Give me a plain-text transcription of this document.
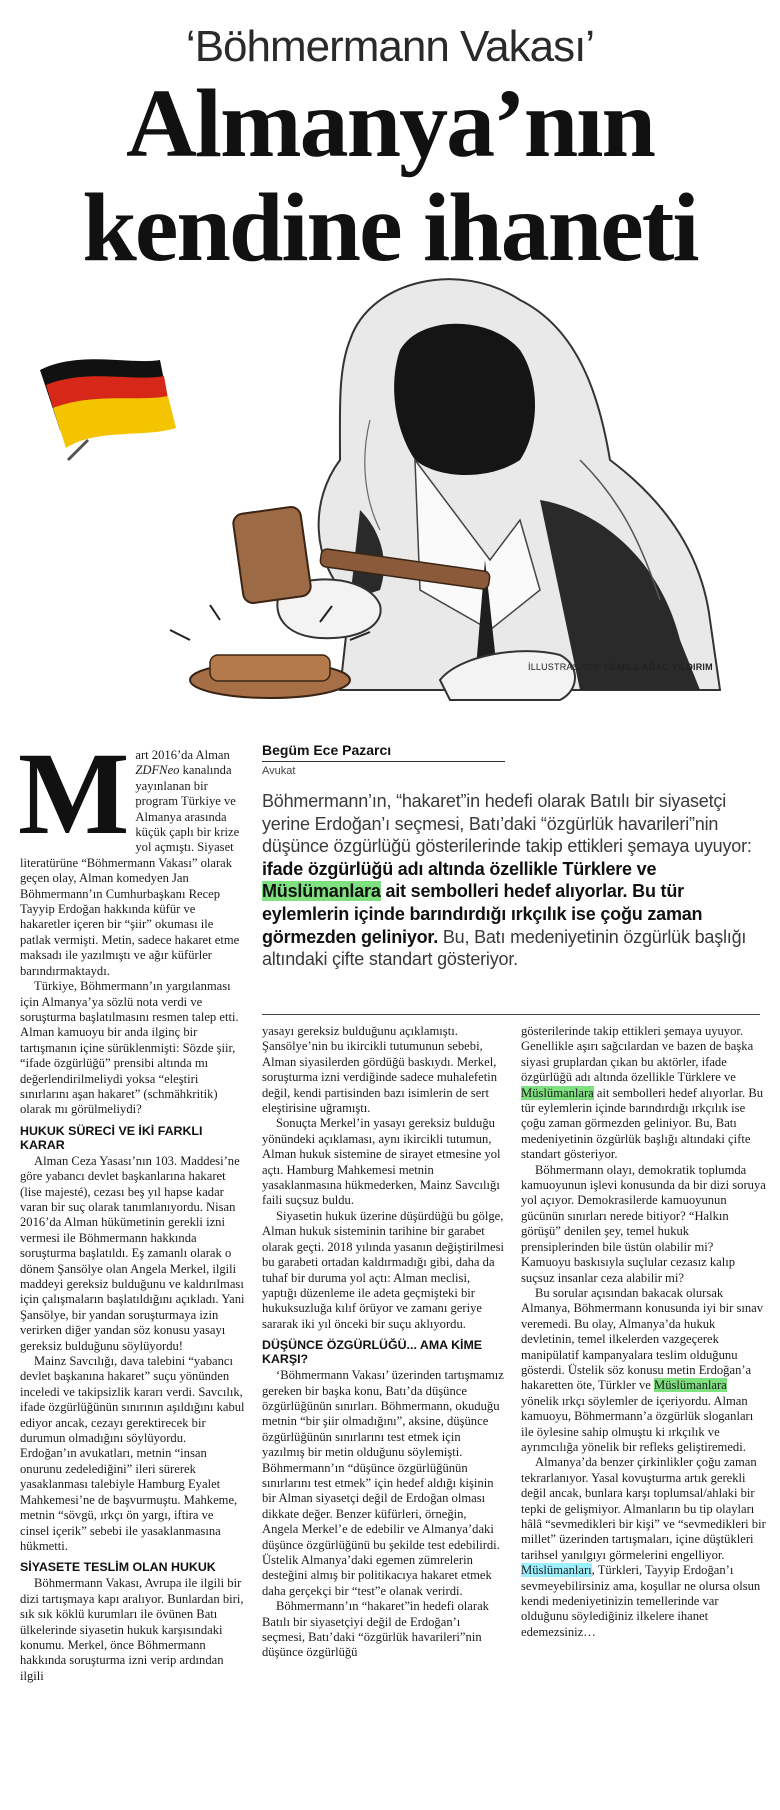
‘Böhmermann Vakası’
Almanya’nın
kendine ihaneti
İLLUSTRASYON: CEMILE AĞAÇ YILDIRIM
Begüm Ece Pazarcı
Avukat
Böhmermann’ın, “hakaret”in hedefi olarak Batılı bir siyasetçi yerine Erdoğan’ı seçmesi, Batı’daki “özgürlük havarileri”nin düşünce özgürlüğü gösterilerinde takip ettikleri şemaya uyuyor: ifade özgürlüğü adı altında özellikle Türklere ve Müslümanlara ait sembolleri hedef alıyorlar. Bu tür eylemlerin içinde barındırdığı ırkçılık ise çoğu zaman görmezden geliniyor. Bu, Batı medeniyetinin özgürlük başlığı altındaki çifte standart gösteriyor.

Mart 2016’da Alman ZDFNeo kanalında yayınlanan bir program Türkiye ve Almanya arasında küçük çaplı bir krize yol açmıştı. Siyaset literatürüne “Böhmermann Vakası” olarak geçen olay, Alman komedyen Jan Böhmermann’ın Cumhurbaşkanı Recep Tayyip Erdoğan hakkında küfür ve hakaretler içeren bir “şiir” okuması ile patlak vermişti. Metin, sadece hakaret etme maksadı ile yazılmıştı ve ağır küfürler barındırmaktaydı.

Türkiye, Böhmermann’ın yargılanması için Almanya’ya sözlü nota verdi ve soruşturma başlatılmasını resmen talep etti. Alman kamuoyu bir anda ilginç bir tartışmanın içine sürüklenmişti: Sözde şiir, “ifade özgürlüğü” prensibi altında mı değerlendirilmeliydi yoksa “eleştiri sınırlarını aşan hakaret” (schmähkritik) olarak mı görülmeliydi?

HUKUK SÜRECİ VE İKİ FARKLI KARAR

Alman Ceza Yasası’nın 103. Maddesi’ne göre yabancı devlet başkanlarına hakaret (lise majesté), cezası beş yıl hapse kadar varan bir suç olarak tanımlanıyordu. Nisan 2016’da Alman hükümetinin gerekli izni vermesi ile Böhmermann hakkında soruşturma başlatıldı. Eş zamanlı olarak o dönem Şansölye olan Angela Merkel, ilgili maddeyi gereksiz bulduğunu ve kaldırılması için çalışmaların başlatıldığını açıkladı. Yani Şansölye, bir yandan soruşturmaya izin verirken diğer yandan söz konusu yasayı gereksiz bulduğunu söylüyordu!

Mainz Savcılığı, dava talebini “yabancı devlet başkanına hakaret” suçu yönünden inceledi ve takipsizlik kararı verdi. Savcılık, ifade özgürlüğünün sınırının aşıldığını kabul ediyor ancak, cezayı gerektirecek bir durumun olmadığını söylüyordu. Erdoğan’ın avukatları, metnin “insan onurunu zedelediğini” ileri sürerek yasaklanması talebiyle Hamburg Eyalet Mahkemesi’ne de başvurmuştu. Mahkeme, metnin “sövgü, ırkçı ön yargı, iftira ve cinsel içerik” sebebi ile yasaklanmasına hükmetti.

SİYASETE TESLİM OLAN HUKUK

Böhmermann Vakası, Avrupa ile ilgili bir dizi tartışmaya kapı aralıyor. Bunlardan biri, sık sık köklü kurumları ile övünen Batı ülkelerinde siyasetin hukuk karşısındaki konumu. Merkel, önce Böhmermann hakkında soruşturma izni verip ardından ilgili

yasayı gereksiz bulduğunu açıklamıştı. Şansölye’nin bu ikircikli tutumunun sebebi, Alman siyasilerden gördüğü baskıydı. Merkel, soruşturma izni verdiğinde sadece muhalefetin değil, kendi partisinden bazı isimlerin de sert eleştirisine uğramıştı.

Sonuçta Merkel’in yasayı gereksiz bulduğu yönündeki açıklaması, aynı ikircikli tutumun, Alman hukuk sistemine de sirayet etmesine yol açtı. Hamburg Mahkemesi metnin yasaklanmasına hükmederken, Mainz Savcılığı faili suçsuz buldu.

Siyasetin hukuk üzerine düşürdüğü bu gölge, Alman hukuk sisteminin tarihine bir garabet olarak geçti. 2018 yılında yasanın değiştirilmesi bu garabeti ortadan kaldırmadığı gibi, daha da tuhaf bir duruma yol açtı: Alman meclisi, yaptığı düzenleme ile adeta geçmişteki bir hukuksuzluğa kılıf örüyor ve zamanı geriye sararak iki yıl önceki bir suçu aklıyordu.

DÜŞÜNCE ÖZGÜRLÜĞÜ... AMA KİME KARŞI?

‘Böhmermann Vakası’ üzerinden tartışmamız gereken bir başka konu, Batı’da düşünce özgürlüğünün sınırları. Böhmermann, okuduğu metnin “bir şiir olmadığını”, aksine, düşünce özgürlüğünün sınırlarını test etmek için yazılmış bir metin olduğunu söylemişti. Böhmermann’ın “düşünce özgürlüğünün sınırlarını test etmek” için hedef aldığı kişinin bir Alman siyasetçi değil de Erdoğan olması dikkate değer. Benzer küfürleri, örneğin, Angela Merkel’e de edebilir ve Almanya’daki düşünce özgürlüğünü bu şekilde test edebilirdi. Üstelik Almanya’daki egemen zümrelerin desteğini almış bir politikacıya hakaret etmek daha gerçekçi bir “test”e olanak verirdi.

Böhmermann’ın “hakaret”in hedefi olarak Batılı bir siyasetçiyi değil de Erdoğan’ı seçmesi, Batı’daki “özgürlük havarileri”nin düşünce özgürlüğü

gösterilerinde takip ettikleri şemaya uyuyor. Genellikle aşırı sağcılardan ve bazen de başka siyasi gruplardan çıkan bu aktörler, ifade özgürlüğü adı altında özellikle Türklere ve Müslümanlara ait sembolleri hedef alıyorlar. Bu tür eylemlerin içinde barındırdığı ırkçılık ise çoğu zaman görmezden geliniyor. Bu, Batı medeniyetinin özgürlük başlığı altındaki çifte standart gösteriyor.

Böhmermann olayı, demokratik toplumda kamuoyunun işlevi konusunda da bir dizi soruya yol açıyor. Demokrasilerde kamuoyunun gücünün sınırları nerede bitiyor? “Halkın görüşü” denilen şey, temel hukuk prensiplerinden bile üstün olabilir mi? Kamuoyu baskısıyla suçlular cezasız kalıp suçsuz insanlar ceza alabilir mi?

Bu sorular açısından bakacak olursak Almanya, Böhmermann konusunda iyi bir sınav veremedi. Bu olay, Almanya’da hukuk devletinin, temel ilkelerden vazgeçerek manipülatif kampanyalara teslim olduğunu gösterdi. Üstelik söz konusu metin Erdoğan’a hakaretten öte, Türkler ve Müslümanlara yönelik ırkçı söylemler de içeriyordu. Alman kamuoyu, Böhmermann’a özgürlük sloganları ile öylesine sahip olmuştu ki ırkçılık ve ayrımcılığa yönelik bir refleks geliştiremedi.

Almanya’da benzer çirkinlikler çoğu zaman tekrarlanıyor. Yasal kovuşturma artık gerekli değil ancak, bunlara karşı toplumsal/ahlaki bir tepki de gelişmiyor. Almanların bu tip olayları hâlâ “sevmedikleri bir kişi” ve “sevmedikleri bir millet” üzerinden tartışmaları, içine düştükleri tarihsel yanılgıyı görmelerini engelliyor. Müslümanları, Türkleri, Tayyip Erdoğan’ı sevmeyebilirsiniz ama, koşullar ne olursa olsun kendi medeniyetinizin temellerinde var olduğunu söylediğiniz ilkelere ihanet edemezsiniz…
